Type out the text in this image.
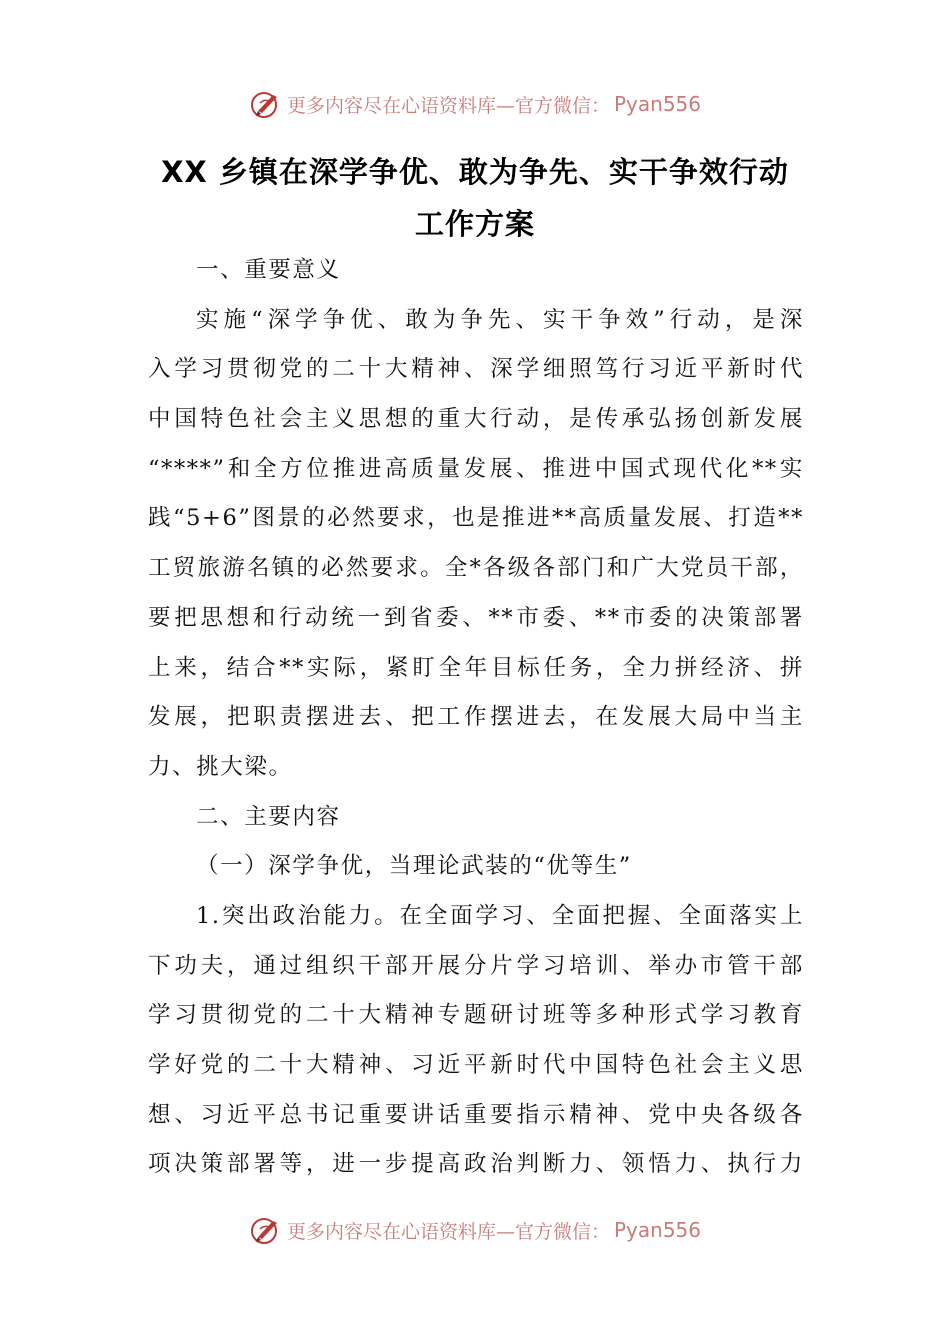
更多内容尽在心语资料库—官方微信： Pyan556
XX 乡镇在深学争优、敢为争先、实干争效行动
工作方案
一、重要意义
实施“深学争优、敢为争先、实干争效”行动，是深
入学习贯彻党的二十大精神、深学细照笃行习近平新时代
中国特色社会主义思想的重大行动，是传承弘扬创新发展
“****”和全方位推进高质量发展、推进中国式现代化**实
践“5+6”图景的必然要求，也是推进**高质量发展、打造**
工贸旅游名镇的必然要求。全*各级各部门和广大党员干部，
要把思想和行动统一到省委、**市委、**市委的决策部署
上来，结合**实际，紧盯全年目标任务，全力拼经济、拼
发展，把职责摆进去、把工作摆进去，在发展大局中当主
力、挑大梁。
二、主要内容
（一）深学争优，当理论武装的“优等生”
1.突出政治能力。在全面学习、全面把握、全面落实上
下功夫，通过组织干部开展分片学习培训、举办市管干部
学习贯彻党的二十大精神专题研讨班等多种形式学习教育
学好党的二十大精神、习近平新时代中国特色社会主义思
想、习近平总书记重要讲话重要指示精神、党中央各级各
项决策部署等，进一步提高政治判断力、领悟力、执行力
更多内容尽在心语资料库—官方微信： Pyan556
